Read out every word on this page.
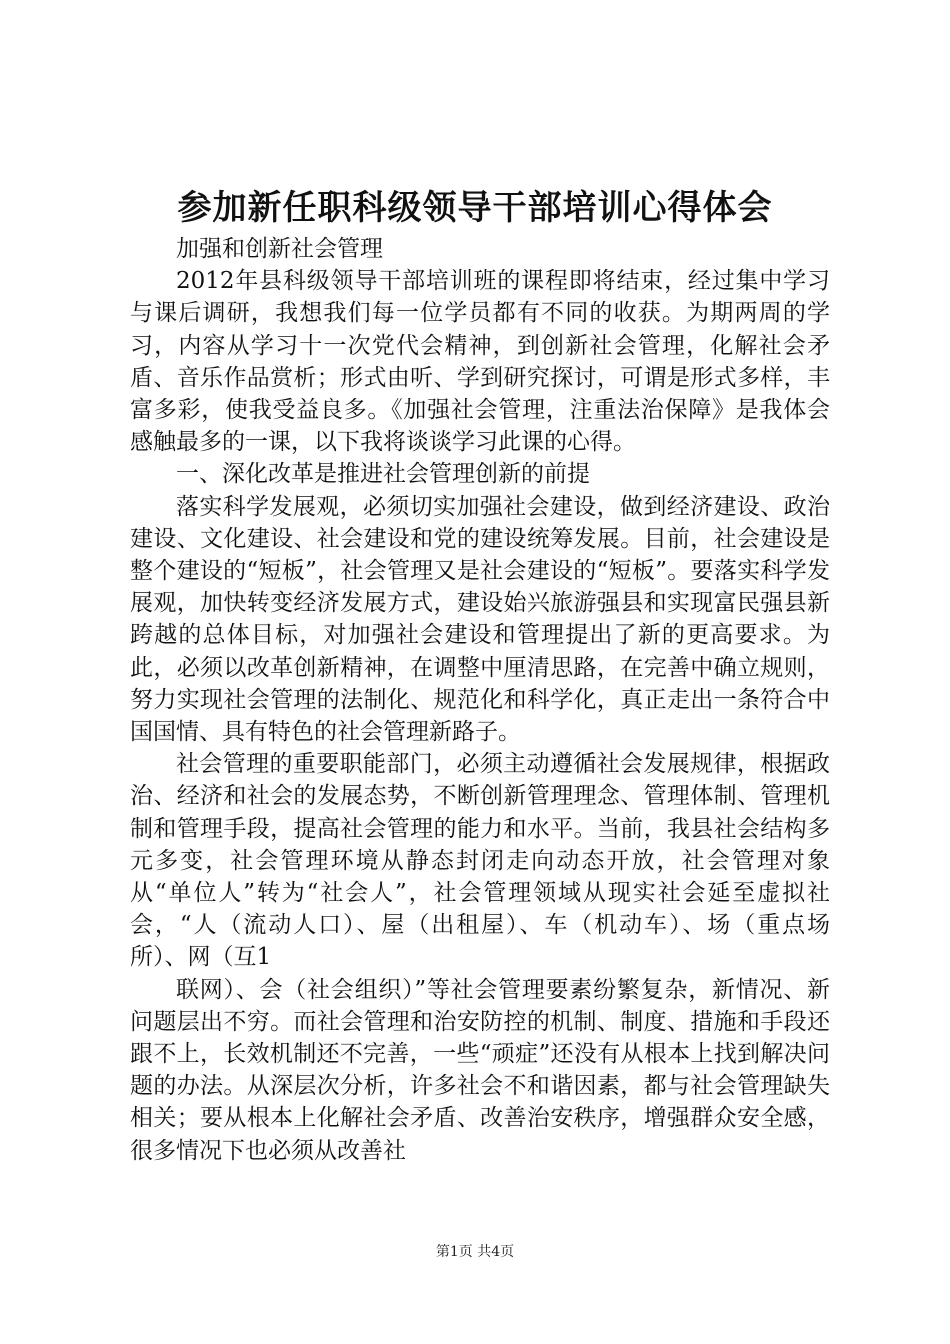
参加新任职科级领导干部培训心得体会

加强和创新社会管理

2012年县科级领导干部培训班的课程即将结束，经过集中学习与课后调研，我想我们每一位学员都有不同的收获。为期两周的学习，内容从学习十一次党代会精神，到创新社会管理，化解社会矛盾、音乐作品赏析；形式由听、学到研究探讨，可谓是形式多样，丰富多彩，使我受益良多。《加强社会管理，注重法治保障》是我体会感触最多的一课，以下我将谈谈学习此课的心得。

一、深化改革是推进社会管理创新的前提

落实科学发展观，必须切实加强社会建设，做到经济建设、政治建设、文化建设、社会建设和党的建设统筹发展。目前，社会建设是整个建设的“短板”，社会管理又是社会建设的“短板”。要落实科学发展观，加快转变经济发展方式，建设始兴旅游强县和实现富民强县新跨越的总体目标，对加强社会建设和管理提出了新的更高要求。为此，必须以改革创新精神，在调整中厘清思路，在完善中确立规则，努力实现社会管理的法制化、规范化和科学化，真正走出一条符合中国国情、具有特色的社会管理新路子。

社会管理的重要职能部门，必须主动遵循社会发展规律，根据政治、经济和社会的发展态势，不断创新管理理念、管理体制、管理机制和管理手段，提高社会管理的能力和水平。当前，我县社会结构多元多变，社会管理环境从静态封闭走向动态开放，社会管理对象从“单位人”转为“社会人”，社会管理领域从现实社会延至虚拟社会，“人（流动人口）、屋（出租屋）、车（机动车）、场（重点场所）、网（互1

联网）、会（社会组织）”等社会管理要素纷繁复杂，新情况、新问题层出不穷。而社会管理和治安防控的机制、制度、措施和手段还跟不上，长效机制还不完善，一些“顽症”还没有从根本上找到解决问题的办法。从深层次分析，许多社会不和谐因素，都与社会管理缺失相关；要从根本上化解社会矛盾、改善治安秩序，增强群众安全感，很多情况下也必须从改善社

第1页 共4页
